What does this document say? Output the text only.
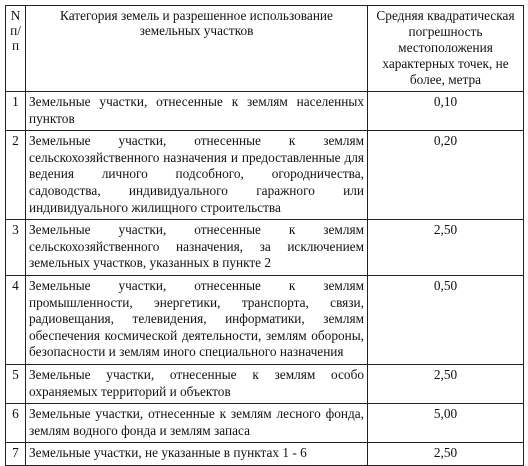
N п/п	Категория земель и разрешенное использование земельных участков	Средняя квадратическая погрешность местоположения характерных точек, не более, метра
1	Земельные участки, отнесенные к землям населенных пунктов	0,10
2	Земельные участки, отнесенные к землям сельскохозяйственного назначения и предоставленные для ведения личного подсобного, огородничества, садоводства, индивидуального гаражного или индивидуального жилищного строительства	0,20
3	Земельные участки, отнесенные к землям сельскохозяйственного назначения, за исключением земельных участков, указанных в пункте 2	2,50
4	Земельные участки, отнесенные к землям промышленности, энергетики, транспорта, связи, радиовещания, телевидения, информатики, землям обеспечения космической деятельности, землям обороны, безопасности и землям иного специального назначения	0,50
5	Земельные участки, отнесенные к землям особо охраняемых территорий и объектов	2,50
6	Земельные участки, отнесенные к землям лесного фонда, землям водного фонда и землям запаса	5,00
7	Земельные участки, не указанные в пунктах 1 - 6	2,50
